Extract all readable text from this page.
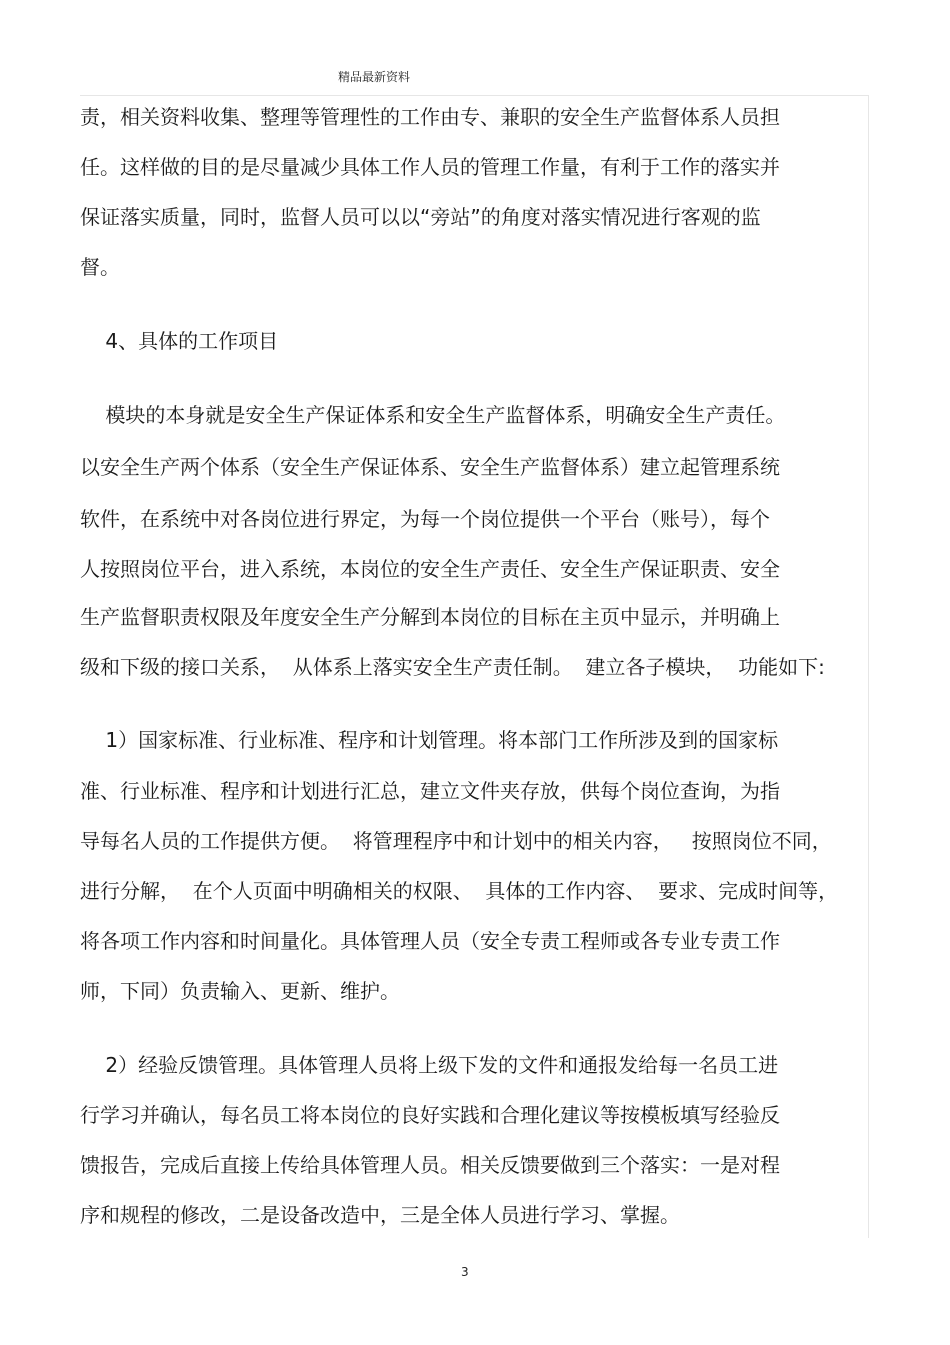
精品最新资料
责，相关资料收集、整理等管理性的工作由专、兼职的安全生产监督体系人员担
任。这样做的目的是尽量减少具体工作人员的管理工作量，有利于工作的落实并
保证落实质量，同时，监督人员可以以“旁站”的角度对落实情况进行客观的监
督。
4、具体的工作项目
模块的本身就是安全生产保证体系和安全生产监督体系，明确安全生产责任。
以安全生产两个体系（安全生产保证体系、安全生产监督体系）建立起管理系统
软件，在系统中对各岗位进行界定，为每一个岗位提供一个平台（账号），每个
人按照岗位平台，进入系统，本岗位的安全生产责任、安全生产保证职责、安全
生产监督职责权限及年度安全生产分解到本岗位的目标在主页中显示，并明确上
级和下级的接口关系，  从体系上落实安全生产责任制。  建立各子模块，  功能如下:
1）国家标准、行业标准、程序和计划管理。将本部门工作所涉及到的国家标
准、行业标准、程序和计划进行汇总，建立文件夹存放，供每个岗位查询，为指
导每名人员的工作提供方便。  将管理程序中和计划中的相关内容，   按照岗位不同，
进行分解，  在个人页面中明确相关的权限、  具体的工作内容、  要求、完成时间等，
将各项工作内容和时间量化。具体管理人员（安全专责工程师或各专业专责工作
师，下同）负责输入、更新、维护。
2）经验反馈管理。具体管理人员将上级下发的文件和通报发给每一名员工进
行学习并确认，每名员工将本岗位的良好实践和合理化建议等按模板填写经验反
馈报告，完成后直接上传给具体管理人员。相关反馈要做到三个落实：一是对程
序和规程的修改，二是设备改造中，三是全体人员进行学习、掌握。
3
